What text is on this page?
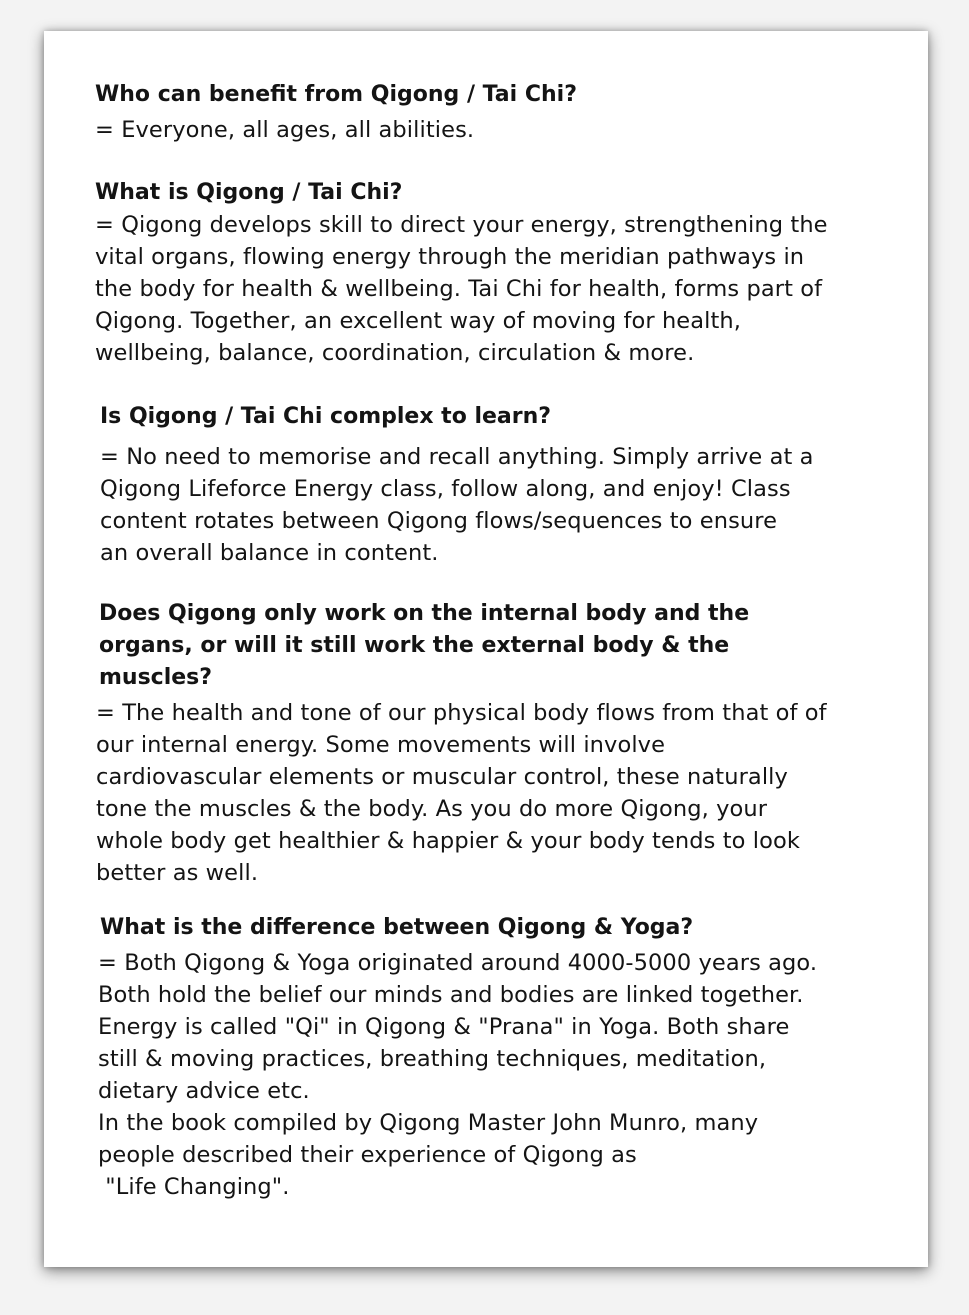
Who can benefit from Qigong / Tai Chi?
= Everyone, all ages, all abilities.
What is Qigong / Tai Chi?
= Qigong develops skill to direct your energy, strengthening the
vital organs, flowing energy through the meridian pathways in
the body for health & wellbeing. Tai Chi for health, forms part of
Qigong. Together, an excellent way of moving for health,
wellbeing, balance, coordination, circulation & more.
Is Qigong / Tai Chi complex to learn?
= No need to memorise and recall anything. Simply arrive at a
Qigong Lifeforce Energy class, follow along, and enjoy! Class
content rotates between Qigong flows/sequences to ensure
an overall balance in content.
Does Qigong only work on the internal body and the
organs, or will it still work the external body & the
muscles?
= The health and tone of our physical body flows from that of of
our internal energy. Some movements will involve
cardiovascular elements or muscular control, these naturally
tone the muscles & the body. As you do more Qigong, your
whole body get healthier & happier & your body tends to look
better as well.
What is the difference between Qigong & Yoga?
= Both Qigong & Yoga originated around 4000-5000 years ago.
Both hold the belief our minds and bodies are linked together.
Energy is called "Qi" in Qigong & "Prana" in Yoga. Both share
still & moving practices, breathing techniques, meditation,
dietary advice etc.
In the book compiled by Qigong Master John Munro, many
people described their experience of Qigong as
"Life Changing".
